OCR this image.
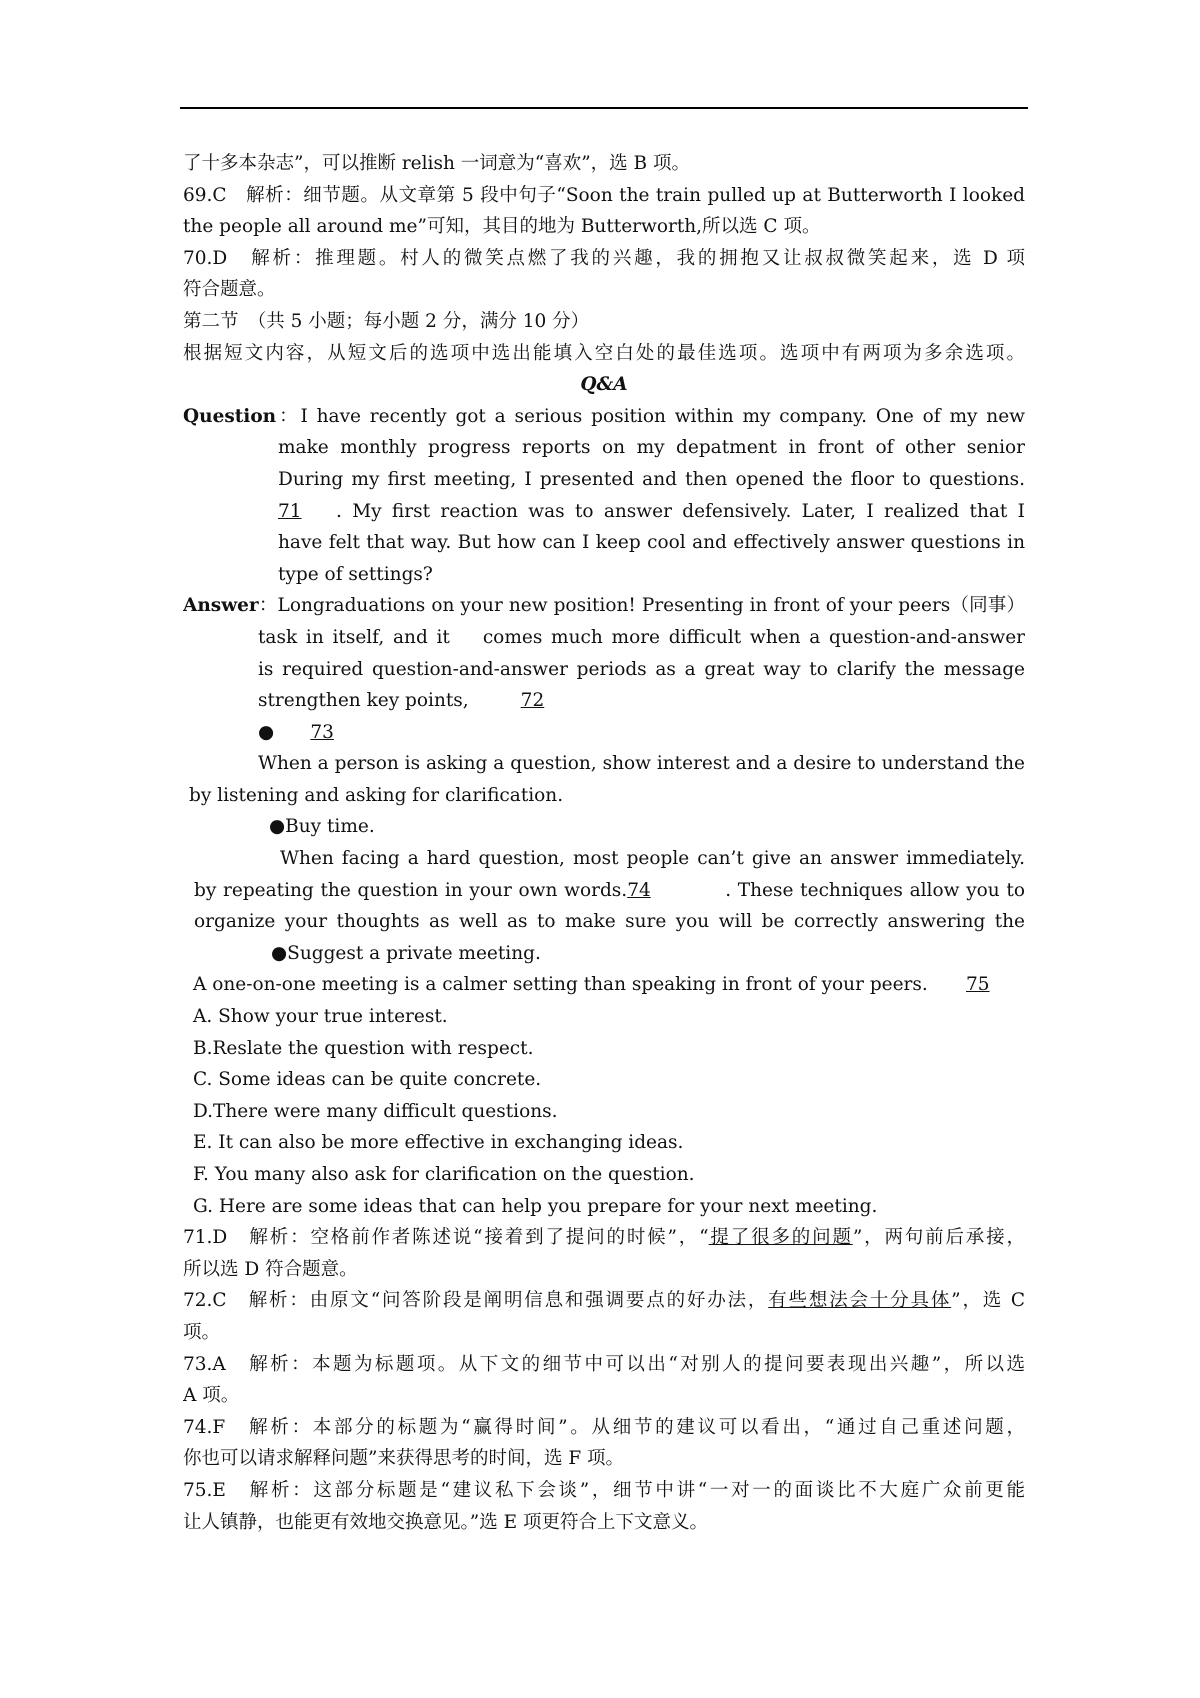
了十多本杂志”，可以推断 relish 一词意为“喜欢”，选 B 项。
69.C　解析：细节题。从文章第 5 段中句子“Soon the train pulled up at Butterworth I looked
the people all around me”可知，其目的地为 Butterworth,所以选 C 项。
70.D　解析：推理题。村人的微笑点燃了我的兴趣，我的拥抱又让叔叔微笑起来，选 D 项
符合题意。
第二节　（共 5 小题；每小题 2 分，满分 10 分）
根据短文内容，从短文后的选项中选出能填入空白处的最佳选项。选项中有两项为多余选项。
Q&A
Question：I have recently got a serious position within my company. One of my new
make monthly progress reports on my depatment in front of other senior
During my first meeting, I presented and then opened the floor to questions.
71 . My first reaction was to answer defensively. Later, I realized that I
have felt that way. But how can I keep cool and effectively answer questions in
type of settings?
Answer：Longraduations on your new position! Presenting in front of your peers（同事）
task in itself, and it　 comes much more difficult when a question-and-answer
is required question-and-answer periods as a great way to clarify the message
strengthen key points,	72
● 73
When a person is asking a question, show interest and a desire to understand the
by listening and asking for clarification.
●Buy time.
When facing a hard question, most people can’t give an answer immediately.
by repeating the question in your own words.74	. These techniques allow you to
organize your thoughts as well as to make sure you will be correctly answering the
●Suggest a private meeting.
A one-on-one meeting is a calmer setting than speaking in front of your peers. 75
A. Show your true interest.
B.Reslate the question with respect.
C. Some ideas can be quite concrete.
D.There were many difficult questions.
E. It can also be more effective in exchanging ideas.
F. You many also ask for clarification on the question.
G. Here are some ideas that can help you prepare for your next meeting.
71.D　解析：空格前作者陈述说“接着到了提问的时候”，“提了很多的问题”，两句前后承接，
所以选 D 符合题意。
72.C　解析：由原文“问答阶段是阐明信息和强调要点的好办法，有些想法会十分具体”，选 C
项。
73.A　解析：本题为标题项。从下文的细节中可以出“对别人的提问要表现出兴趣”，所以选
A 项。
74.F　解析：本部分的标题为“赢得时间”。从细节的建议可以看出，“通过自己重述问题，
你也可以请求解释问题”来获得思考的时间，选 F 项。
75.E　解析：这部分标题是“建议私下会谈”，细节中讲“一对一的面谈比不大庭广众前更能
让人镇静，也能更有效地交换意见。”选 E 项更符合上下文意义。
